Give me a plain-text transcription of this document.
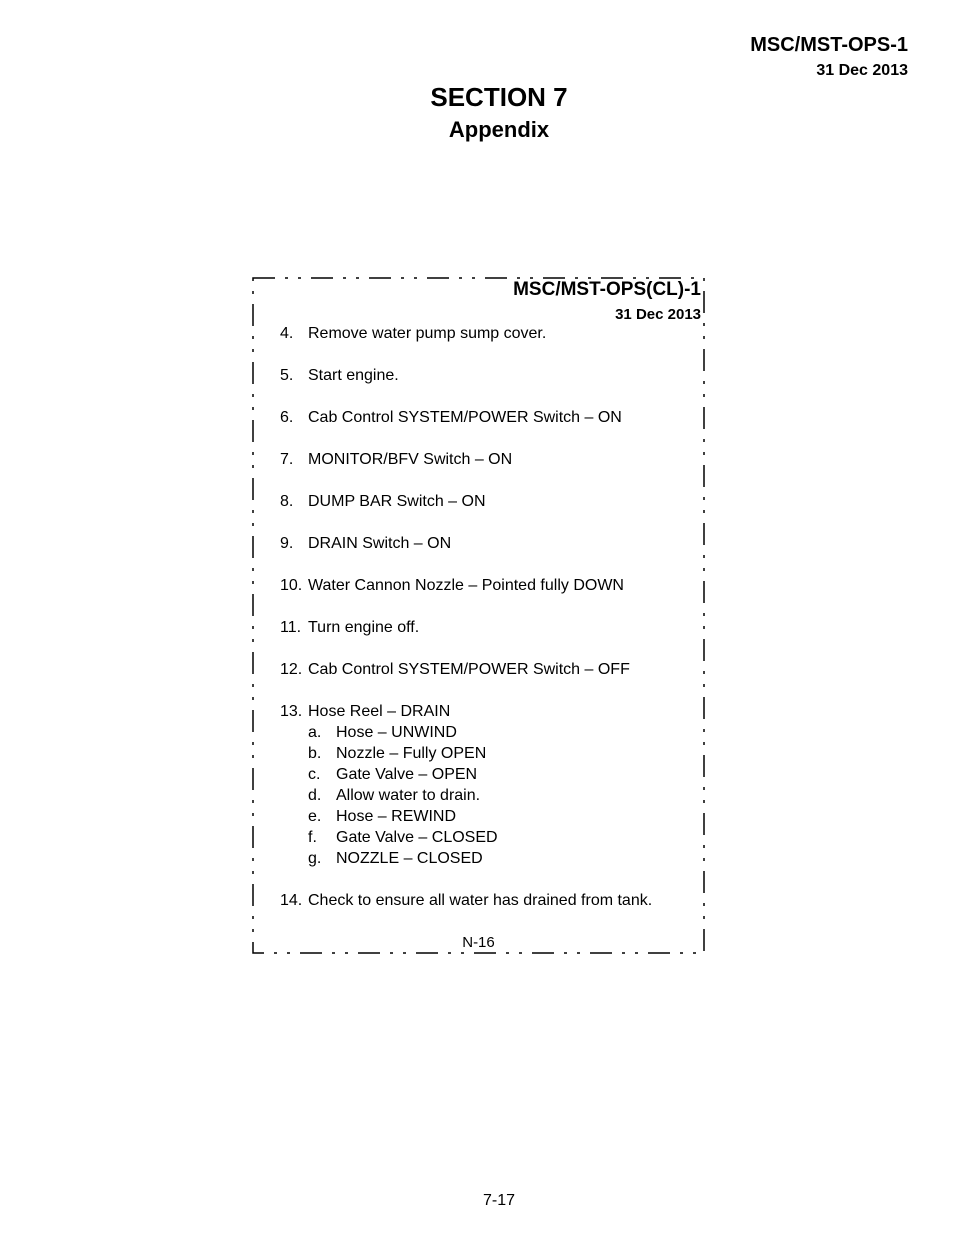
MSC/MST-OPS-1
31 Dec 2013
SECTION 7
Appendix
MSC/MST-OPS(CL)-1
31 Dec 2013
4. Remove water pump sump cover.
5. Start engine.
6. Cab Control SYSTEM/POWER Switch – ON
7. MONITOR/BFV Switch – ON
8. DUMP BAR Switch – ON
9. DRAIN Switch – ON
10. Water Cannon Nozzle – Pointed fully DOWN
11. Turn engine off.
12. Cab Control SYSTEM/POWER Switch – OFF
13. Hose Reel – DRAIN
a. Hose – UNWIND
b. Nozzle – Fully OPEN
c. Gate Valve – OPEN
d. Allow water to drain.
e. Hose – REWIND
f.	Gate Valve – CLOSED
g. NOZZLE – CLOSED
14. Check to ensure all water has drained from tank.
N-16
7-17
